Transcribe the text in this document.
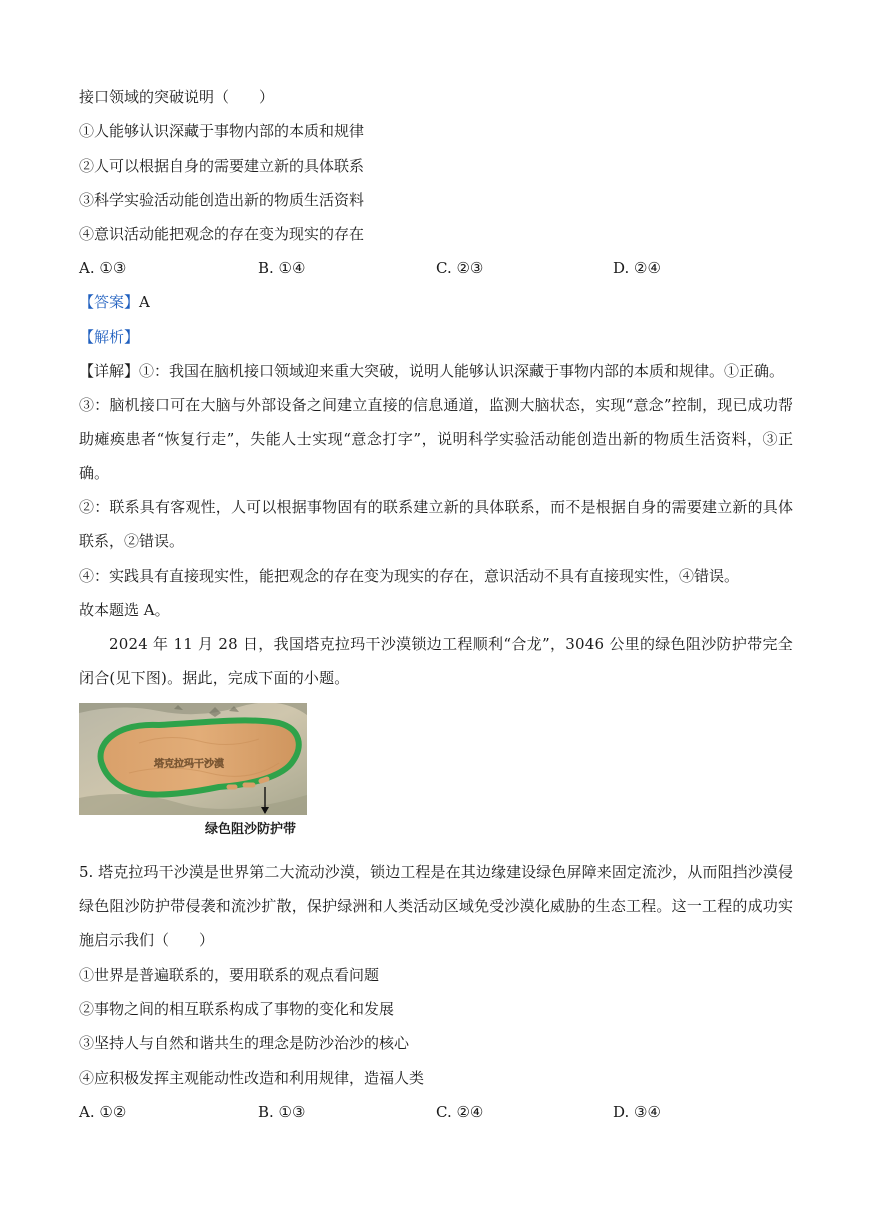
接口领域的突破说明（　　）
①人能够认识深藏于事物内部的本质和规律
②人可以根据自身的需要建立新的具体联系
③科学实验活动能创造出新的物质生活资料
④意识活动能把观念的存在变为现实的存在
A. ①③	B. ①④	C. ②③	D. ②④
【答案】A
【解析】
【详解】①：我国在脑机接口领域迎来重大突破，说明人能够认识深藏于事物内部的本质和规律。①正确。
③：脑机接口可在大脑与外部设备之间建立直接的信息通道，监测大脑状态，实现“意念”控制，现已成功帮助瘫痪患者“恢复行走”，失能人士实现“意念打字”，说明科学实验活动能创造出新的物质生活资料，③正确。
②：联系具有客观性，人可以根据事物固有的联系建立新的具体联系，而不是根据自身的需要建立新的具体联系，②错误。
④：实践具有直接现实性，能把观念的存在变为现实的存在，意识活动不具有直接现实性，④错误。
故本题选 A。
2024 年 11 月 28 日，我国塔克拉玛干沙漠锁边工程顺利“合龙”，3046 公里的绿色阻沙防护带完全闭合(见下图)。据此，完成下面的小题。
塔克拉玛干沙漠
绿色阻沙防护带
5. 塔克拉玛干沙漠是世界第二大流动沙漠，锁边工程是在其边缘建设绿色屏障来固定流沙，从而阻挡沙漠侵绿色阻沙防护带侵袭和流沙扩散，保护绿洲和人类活动区域免受沙漠化威胁的生态工程。这一工程的成功实施启示我们（　　）
①世界是普遍联系的，要用联系的观点看问题
②事物之间的相互联系构成了事物的变化和发展
③坚持人与自然和谐共生的理念是防沙治沙的核心
④应积极发挥主观能动性改造和利用规律，造福人类
A. ①②	B. ①③	C. ②④	D. ③④
